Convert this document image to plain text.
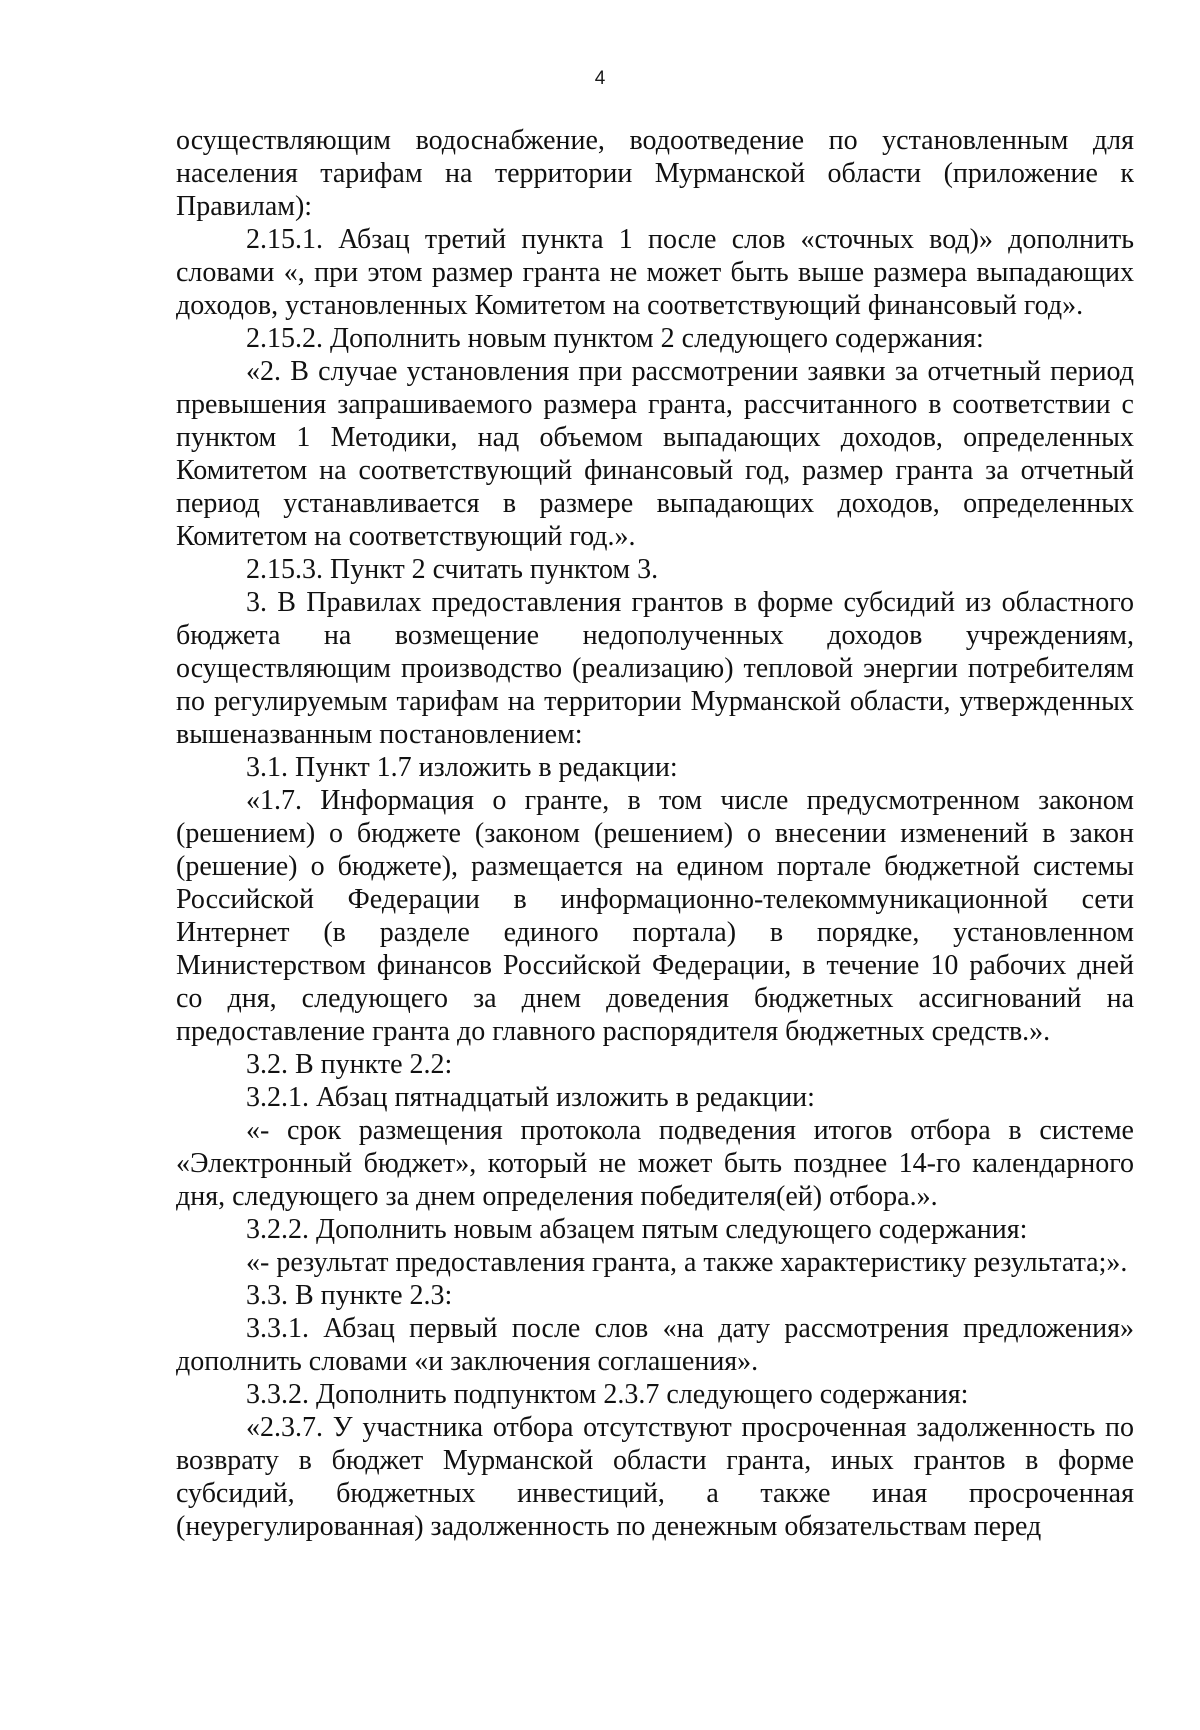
4

осуществляющим водоснабжение, водоотведение по установленным для населения тарифам на территории Мурманской области (приложение к Правилам):

2.15.1. Абзац третий пункта 1 после слов «сточных вод)» дополнить словами «, при этом размер гранта не может быть выше размера выпадающих доходов, установленных Комитетом на соответствующий финансовый год».

2.15.2. Дополнить новым пунктом 2 следующего содержания:

«2. В случае установления при рассмотрении заявки за отчетный период превышения запрашиваемого размера гранта, рассчитанного в соответствии с пунктом 1 Методики, над объемом выпадающих доходов, определенных Комитетом на соответствующий финансовый год, размер гранта за отчетный период устанавливается в размере выпадающих доходов, определенных Комитетом на соответствующий год.».

2.15.3. Пункт 2 считать пунктом 3.

3. В Правилах предоставления грантов в форме субсидий из областного бюджета на возмещение недополученных доходов учреждениям, осуществляющим производство (реализацию) тепловой энергии потребителям по регулируемым тарифам на территории Мурманской области, утвержденных вышеназванным постановлением:

3.1. Пункт 1.7 изложить в редакции:

«1.7. Информация о гранте, в том числе предусмотренном законом (решением) о бюджете (законом (решением) о внесении изменений в закон (решение) о бюджете), размещается на едином портале бюджетной системы Российской Федерации в информационно-телекоммуникационной сети Интернет (в разделе единого портала) в порядке, установленном Министерством финансов Российской Федерации, в течение 10 рабочих дней со дня, следующего за днем доведения бюджетных ассигнований на предоставление гранта до главного распорядителя бюджетных средств.».

3.2. В пункте 2.2:

3.2.1. Абзац пятнадцатый изложить в редакции:

«- срок размещения протокола подведения итогов отбора в системе «Электронный бюджет», который не может быть позднее 14-го календарного дня, следующего за днем определения победителя(ей) отбора.».

3.2.2. Дополнить новым абзацем пятым следующего содержания:

«- результат предоставления гранта, а также характеристику результата;».

3.3. В пункте 2.3:

3.3.1. Абзац первый после слов «на дату рассмотрения предложения» дополнить словами «и заключения соглашения».

3.3.2. Дополнить подпунктом 2.3.7 следующего содержания:

«2.3.7. У участника отбора отсутствуют просроченная задолженность по возврату в бюджет Мурманской области гранта, иных грантов в форме субсидий, бюджетных инвестиций, а также иная просроченная (неурегулированная) задолженность по денежным обязательствам перед
